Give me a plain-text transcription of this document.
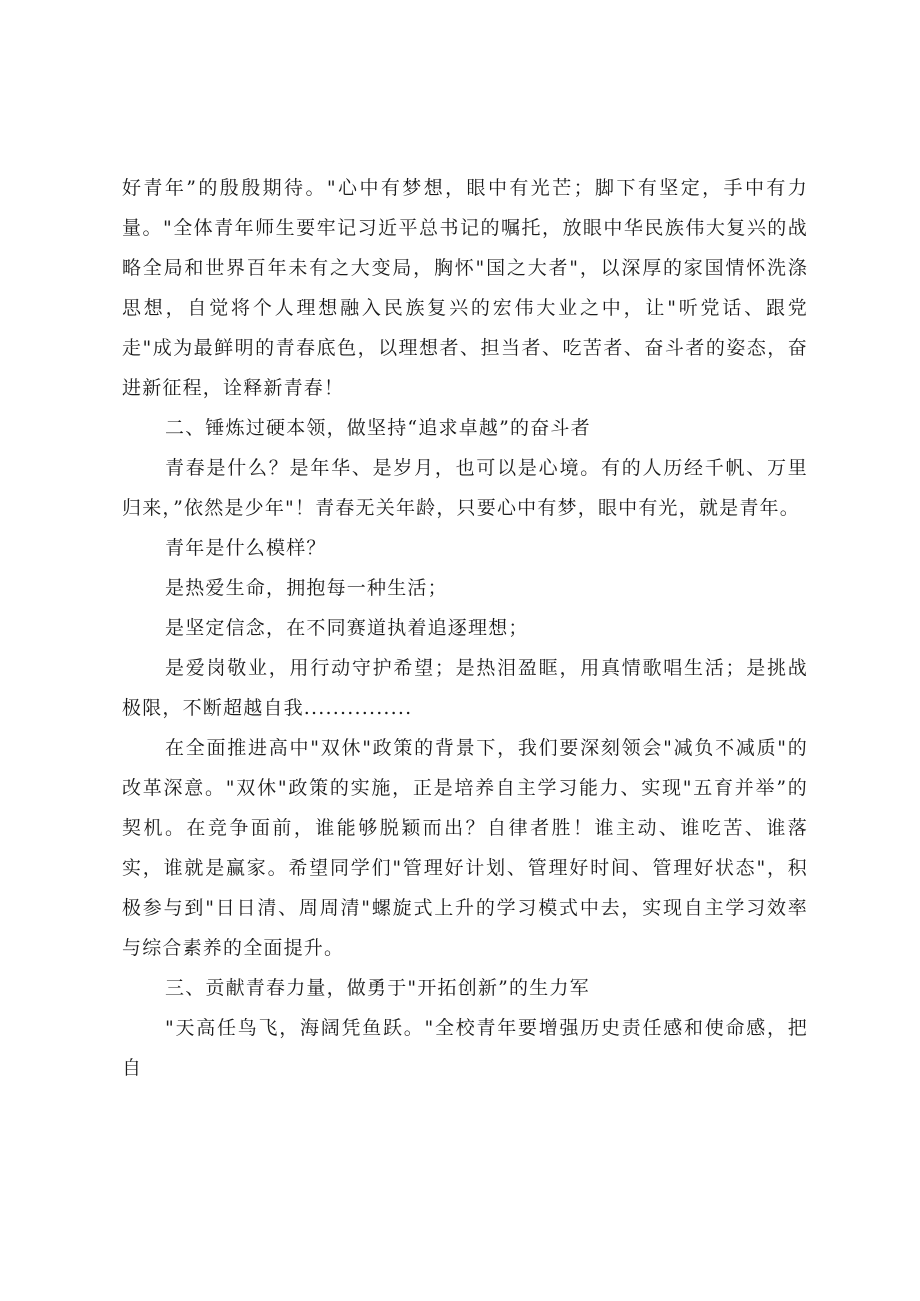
好青年”的殷殷期待。"心中有梦想，眼中有光芒；脚下有坚定，手中有力量。"全体青年师生要牢记习近平总书记的嘱托，放眼中华民族伟大复兴的战略全局和世界百年未有之大变局，胸怀"国之大者"，以深厚的家国情怀洗涤思想，自觉将个人理想融入民族复兴的宏伟大业之中，让"听党话、跟党走"成为最鲜明的青春底色，以理想者、担当者、吃苦者、奋斗者的姿态，奋进新征程，诠释新青春！

二、锤炼过硬本领，做坚持“追求卓越”的奋斗者

青春是什么？是年华、是岁月，也可以是心境。有的人历经千帆、万里归来，”依然是少年"！青春无关年龄，只要心中有梦，眼中有光，就是青年。

青年是什么模样？

是热爱生命，拥抱每一种生活；

是坚定信念，在不同赛道执着追逐理想；

是爱岗敬业，用行动守护希望；是热泪盈眶，用真情歌唱生活；是挑战极限，不断超越自我...............

在全面推进高中"双休"政策的背景下，我们要深刻领会"减负不减质"的改革深意。"双休"政策的实施，正是培养自主学习能力、实现"五育并举”的契机。在竞争面前，谁能够脱颖而出？自律者胜！谁主动、谁吃苦、谁落实，谁就是赢家。希望同学们"管理好计划、管理好时间、管理好状态"，积极参与到"日日清、周周清"螺旋式上升的学习模式中去，实现自主学习效率与综合素养的全面提升。

三、贡献青春力量，做勇于"开拓创新”的生力军

"天高任鸟飞，海阔凭鱼跃。"全校青年要增强历史责任感和使命感，把自
